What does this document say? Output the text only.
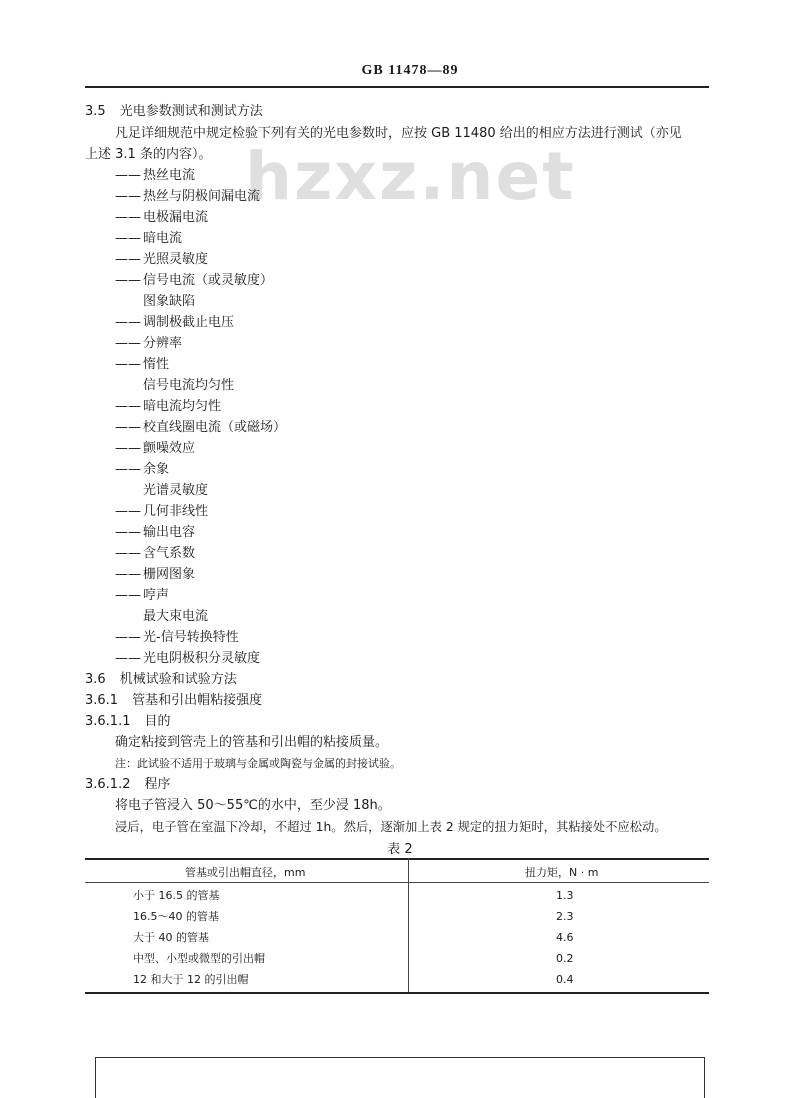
GB 11478—89
hzxz.net
3.5 光电参数测试和测试方法
凡足详细规范中规定检验下列有关的光电参数时，应按 GB 11480 给出的相应方法进行测试（亦见
上述 3.1 条的内容）。
—— 热丝电流
—— 热丝与阴极间漏电流
—— 电极漏电流
—— 暗电流
—— 光照灵敏度
—— 信号电流（或灵敏度）
图象缺陷
—— 调制极截止电压
—— 分辨率
—— 惰性
信号电流均匀性
—— 暗电流均匀性
—— 校直线圈电流（或磁场）
—— 颤噪效应
—— 余象
光谱灵敏度
—— 几何非线性
—— 输出电容
—— 含气系数
—— 栅网图象
—— 哼声
最大束电流
—— 光-信号转换特性
—— 光电阴极积分灵敏度
3.6 机械试验和试验方法
3.6.1 管基和引出帽粘接强度
3.6.1.1 目的
确定粘接到管壳上的管基和引出帽的粘接质量。
注：此试验不适用于玻璃与金属或陶瓷与金属的封接试验。
3.6.1.2 程序
将电子管浸入 50～55℃的水中，至少浸 18h。
浸后，电子管在室温下冷却，不超过 1h。然后，逐渐加上表 2 规定的扭力矩时，其粘接处不应松动。
表 2
管基或引出帽直径，mm	扭力矩，N · m
小于 16.5 的管基	1.3
16.5～40 的管基	2.3
大于 40 的管基	4.6
中型、小型或微型的引出帽	0.2
12 和大于 12 的引出帽	0.4
